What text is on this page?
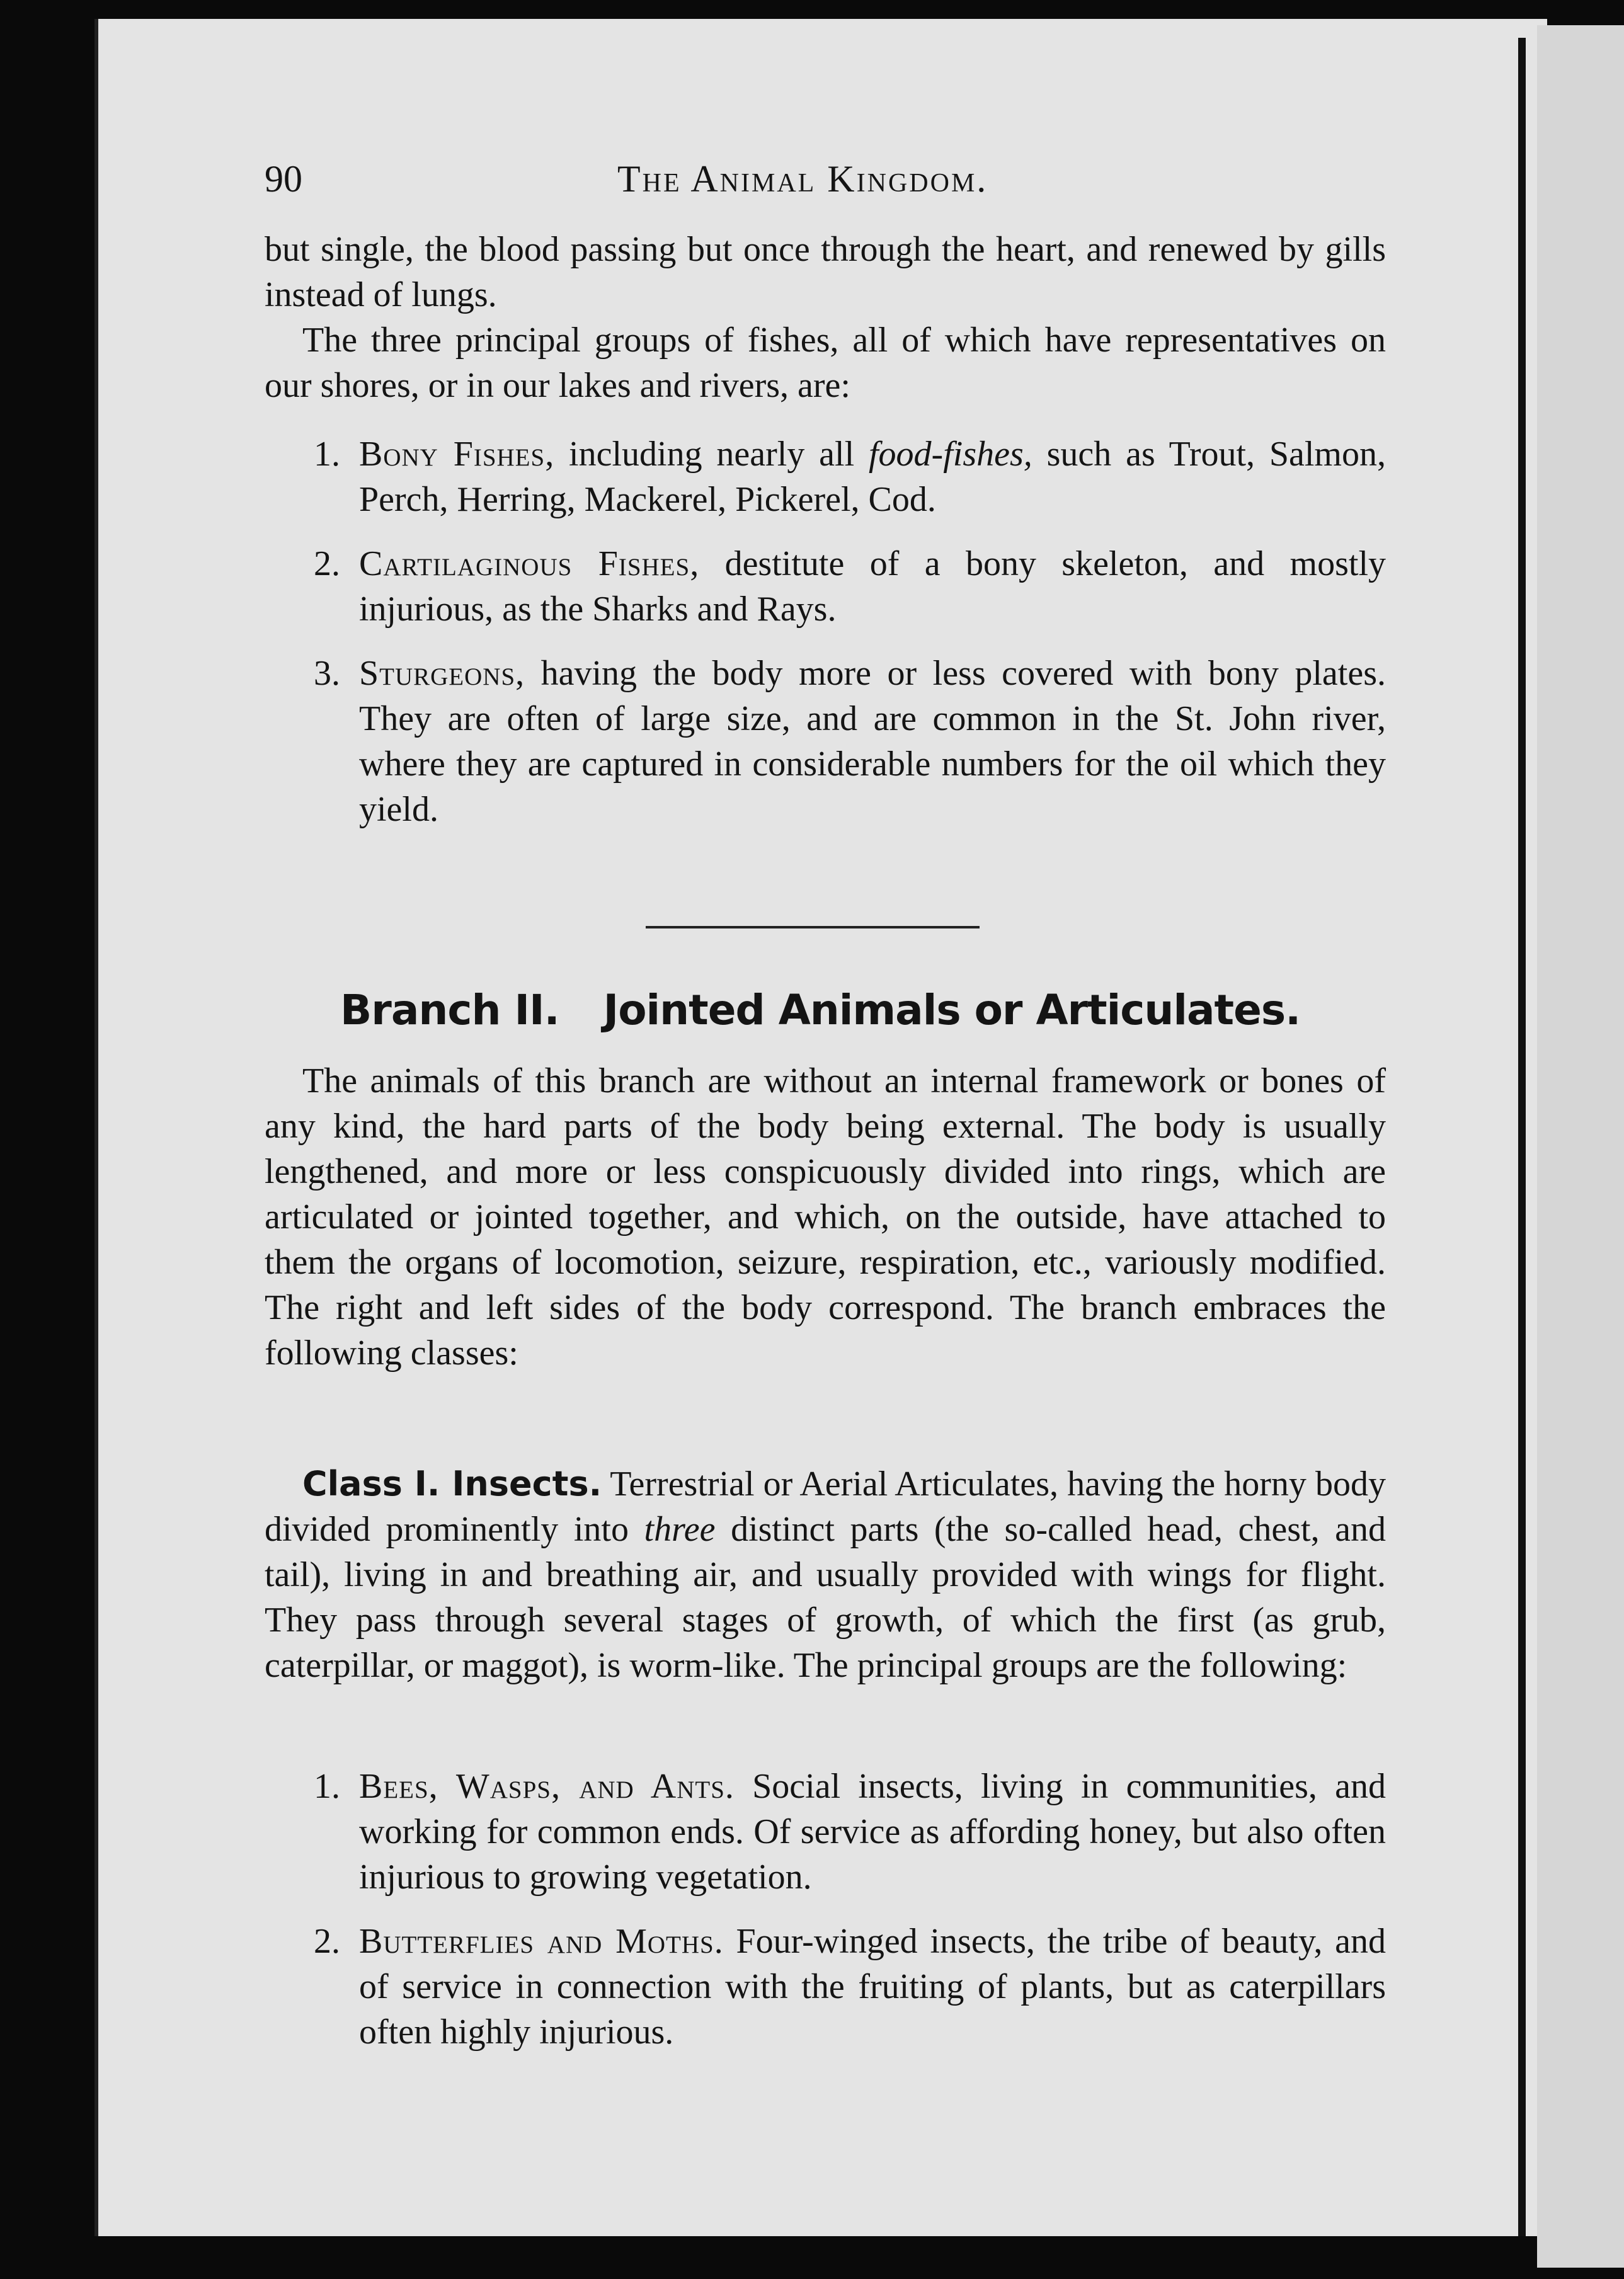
90	The Animal Kingdom.

but single, the blood passing but once through the heart, and renewed by gills instead of lungs.

The three principal groups of fishes, all of which have representatives on our shores, or in our lakes and rivers, are:

1. Bony Fishes, including nearly all food-fishes, such as Trout, Salmon, Perch, Herring, Mackerel, Pickerel, Cod.
2. Cartilaginous Fishes, destitute of a bony skeleton, and mostly injurious, as the Sharks and Rays.
3. Sturgeons, having the body more or less covered with bony plates. They are often of large size, and are common in the St. John river, where they are captured in considerable numbers for the oil which they yield.
Branch II. Jointed Animals or Articulates.

The animals of this branch are without an internal framework or bones of any kind, the hard parts of the body being external. The body is usually lengthened, and more or less conspicuously divided into rings, which are articulated or jointed together, and which, on the outside, have attached to them the organs of locomotion, seizure, respiration, etc., variously modified. The right and left sides of the body correspond. The branch embraces the following classes:

Class I. Insects. Terrestrial or Aerial Articulates, having the horny body divided prominently into three distinct parts (the so-called head, chest, and tail), living in and breathing air, and usually provided with wings for flight. They pass through several stages of growth, of which the first (as grub, caterpillar, or maggot), is worm-like. The principal groups are the following:

1. Bees, Wasps, and Ants. Social insects, living in communities, and working for common ends. Of service as affording honey, but also often injurious to growing vegetation.
2. Butterflies and Moths. Four-winged insects, the tribe of beauty, and of service in connection with the fruiting of plants, but as caterpillars often highly injurious.
